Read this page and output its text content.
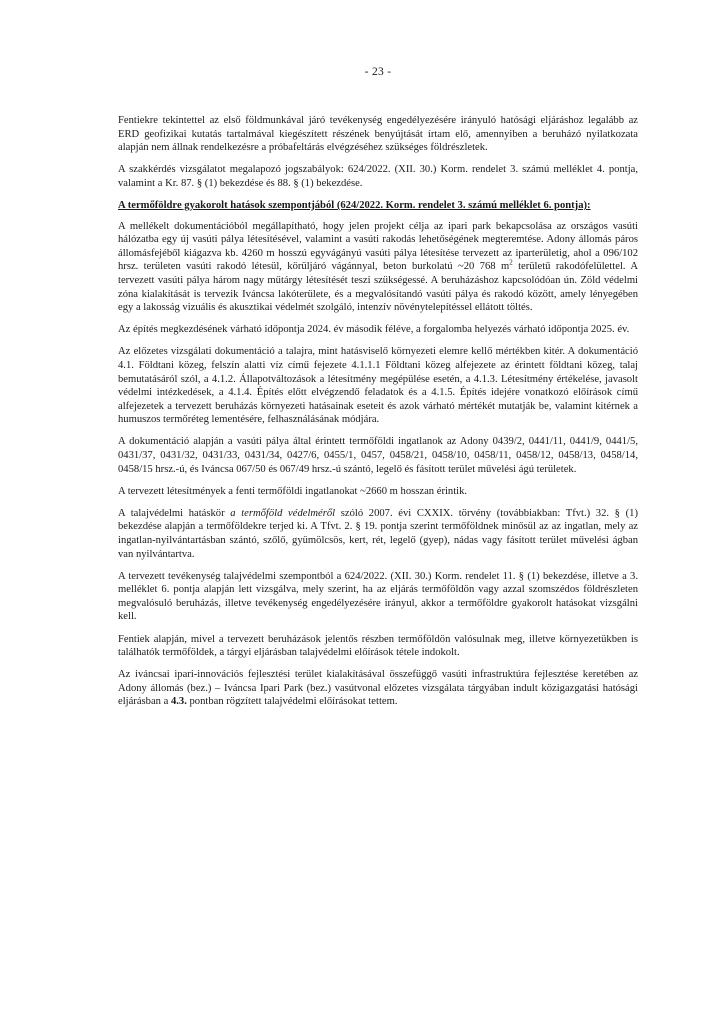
- 23 -

Fentiekre tekintettel az első földmunkával járó tevékenység engedélyezésére irányuló hatósági eljáráshoz legalább az ERD geofizikai kutatás tartalmával kiegészített részének benyújtását írtam elő, amennyiben a beruházó nyilatkozata alapján nem állnak rendelkezésre a próbafeltárás elvégzéséhez szükséges földrészletek.

A szakkérdés vizsgálatot megalapozó jogszabályok: 624/2022. (XII. 30.) Korm. rendelet 3. számú melléklet 4. pontja, valamint a Kr. 87. § (1) bekezdése és 88. § (1) bekezdése.

A termőföldre gyakorolt hatások szempontjából (624/2022. Korm. rendelet 3. számú melléklet 6. pontja):

A mellékelt dokumentációból megállapítható, hogy jelen projekt célja az ipari park bekapcsolása az országos vasúti hálózatba egy új vasúti pálya létesítésével, valamint a vasúti rakodás lehetőségének megteremtése. Adony állomás páros állomásfejéből kiágazva kb. 4260 m hosszú egyvágányú vasúti pálya létesítése tervezett az iparterületig, ahol a 096/102 hrsz. területen vasúti rakodó létesül, körüljáró vágánnyal, beton burkolatú ~20 768 $m^2$ területű rakodófelülettel. A tervezett vasúti pálya három nagy műtárgy létesítését teszi szükségessé. A beruházáshoz kapcsolódóan ún. Zöld védelmi zóna kialakítását is tervezik Iváncsa lakóterülete, és a megvalósítandó vasúti pálya és rakodó között, amely lényegében egy a lakosság vizuális és akusztikai védelmét szolgáló, intenzív növénytelepítéssel ellátott töltés.

Az építés megkezdésének várható időpontja 2024. év második féléve, a forgalomba helyezés várható időpontja 2025. év.

Az előzetes vizsgálati dokumentáció a talajra, mint hatásviselő környezeti elemre kellő mértékben kitér. A dokumentáció 4.1. Földtani közeg, felszín alatti víz című fejezete 4.1.1.1 Földtani közeg alfejezete az érintett földtani közeg, talaj bemutatásáról szól, a 4.1.2. Állapotváltozások a létesítmény megépülése esetén, a 4.1.3. Létesítmény értékelése, javasolt védelmi intézkedések, a 4.1.4. Építés előtt elvégzendő feladatok és a 4.1.5. Építés idejére vonatkozó előírások című alfejezetek a tervezett beruházás környezeti hatásainak eseteit és azok várható mértékét mutatják be, valamint kitérnek a humuszos termőréteg lementésére, felhasználásának módjára.

A dokumentáció alapján a vasúti pálya által érintett termőföldi ingatlanok az Adony 0439/2, 0441/11, 0441/9, 0441/5, 0431/37, 0431/32, 0431/33, 0431/34, 0427/6, 0455/1, 0457, 0458/21, 0458/10, 0458/11, 0458/12, 0458/13, 0458/14, 0458/15 hrsz.-ú, és Iváncsa 067/50 és 067/49 hrsz.-ú szántó, legelő és fásított terület művelési ágú területek.

A tervezett létesítmények a fenti termőföldi ingatlanokat ~2660 m hosszan érintik.

A talajvédelmi hatáskör a termőföld védelméről szóló 2007. évi CXXIX. törvény (továbbiakban: Tfvt.) 32. § (1) bekezdése alapján a termőföldekre terjed ki. A Tfvt. 2. § 19. pontja szerint termőföldnek minősül az az ingatlan, mely az ingatlan-nyilvántartásban szántó, szőlő, gyümölcsös, kert, rét, legelő (gyep), nádas vagy fásított terület művelési ágban van nyilvántartva.

A tervezett tevékenység talajvédelmi szempontból a 624/2022. (XII. 30.) Korm. rendelet 11. § (1) bekezdése, illetve a 3. melléklet 6. pontja alapján lett vizsgálva, mely szerint, ha az eljárás termőföldön vagy azzal szomszédos földrészleten megvalósuló beruházás, illetve tevékenység engedélyezésére irányul, akkor a termőföldre gyakorolt hatásokat vizsgálni kell.

Fentiek alapján, mivel a tervezett beruházások jelentős részben termőföldön valósulnak meg, illetve környezetükben is találhatók termőföldek, a tárgyi eljárásban talajvédelmi előírások tétele indokolt.

Az iváncsai ipari-innovációs fejlesztési terület kialakításával összefüggő vasúti infrastruktúra fejlesztése keretében az Adony állomás (bez.) – Iváncsa Ipari Park (bez.) vasútvonal előzetes vizsgálata tárgyában indult közigazgatási hatósági eljárásban a 4.3. pontban rögzített talajvédelmi előírásokat tettem.
